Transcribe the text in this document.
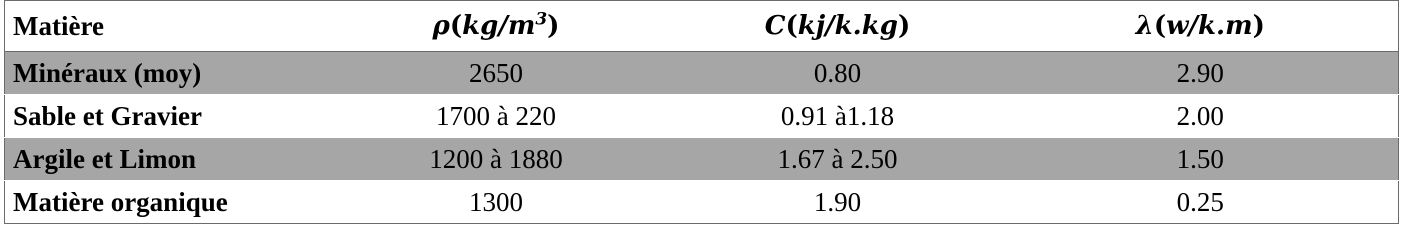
Matière	$\rho(kg/m^3)$	C(kj/k.kg)	λ(w/k.m)
Minéraux (moy)	2650	0.80	2.90
Sable et Gravier	1700 à 220	0.91 à1.18	2.00
Argile et Limon	1200 à 1880	1.67 à 2.50	1.50
Matière organique	1300	1.90	0.25
